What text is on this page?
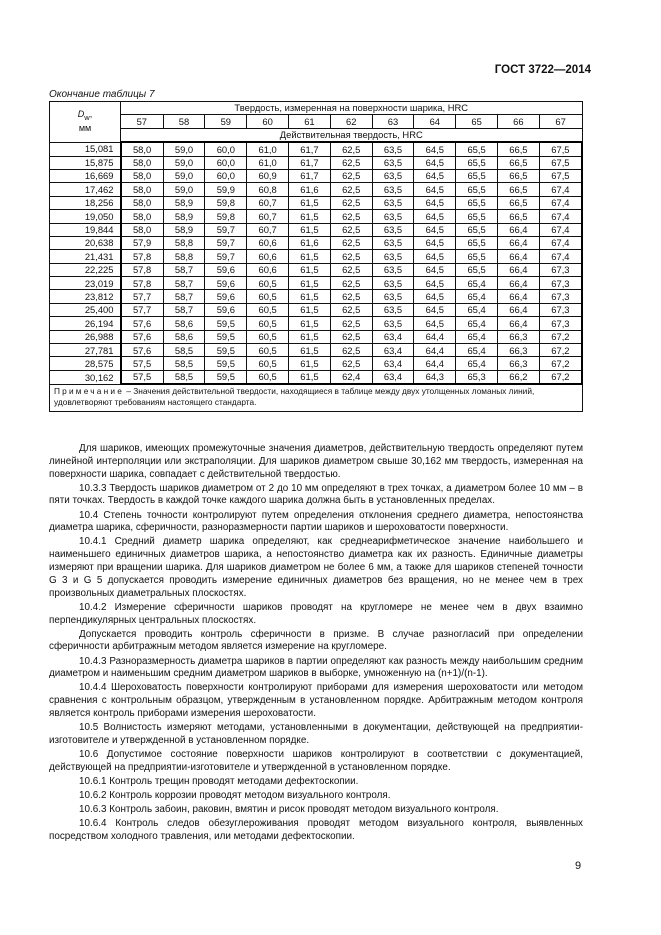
ГОСТ 3722—2014
Окончание таблицы 7
$D_w$,
мм	Твердость, измеренная на поверхности шарика, HRC										
	57	58	59	60	61	62	63	64	65	66	67
	Действительная твердость, HRC										
15,081	58,0	59,0	60,0	61,0	61,7	62,5	63,5	64,5	65,5	66,5	67,5
15,875	58,0	59,0	60,0	61,0	61,7	62,5	63,5	64,5	65,5	66,5	67,5
16,669	58,0	59,0	60,0	60,9	61,7	62,5	63,5	64,5	65,5	66,5	67,5
17,462	58,0	59,0	59,9	60,8	61,6	62,5	63,5	64,5	65,5	66,5	67,4
18,256	58,0	58,9	59,8	60,7	61,5	62,5	63,5	64,5	65,5	66,5	67,4
19,050	58,0	58,9	59,8	60,7	61,5	62,5	63,5	64,5	65,5	66,5	67,4
19,844	58,0	58,9	59,7	60,7	61,5	62,5	63,5	64,5	65,5	66,4	67,4
20,638	57,9	58,8	59,7	60,6	61,6	62,5	63,5	64,5	65,5	66,4	67,4
21,431	57,8	58,8	59,7	60,6	61,5	62,5	63,5	64,5	65,5	66,4	67,4
22,225	57,8	58,7	59,6	60,6	61,5	62,5	63,5	64,5	65,5	66,4	67,3
23,019	57,8	58,7	59,6	60,5	61,5	62,5	63,5	64,5	65,4	66,4	67,3
23,812	57,7	58,7	59,6	60,5	61,5	62,5	63,5	64,5	65,4	66,4	67,3
25,400	57,7	58,7	59,6	60,5	61,5	62,5	63,5	64,5	65,4	66,4	67,3
26,194	57,6	58,6	59,5	60,5	61,5	62,5	63,5	64,5	65,4	66,4	67,3
26,988	57,6	58,6	59,5	60,5	61,5	62,5	63,4	64,4	65,4	66,3	67,2
27,781	57,6	58,5	59,5	60,5	61,5	62,5	63,4	64,4	65,4	66,3	67,2
28,575	57,5	58,5	59,5	60,5	61,5	62,5	63,4	64,4	65,4	66,3	67,2
30,162	57,5	58,5	59,5	60,5	61,5	62,4	63,4	64,3	65,3	66,2	67,2
Примечание – Значения действительной твердости, находящиеся в таблице между двух утолщенных ломаных линий, удовлетворяют требованиям настоящего стандарта.											

Для шариков, имеющих промежуточные значения диаметров, действительную твердость определяют путем линейной интерполяции или экстраполяции. Для шариков диаметром свыше 30,162 мм твердость, измеренная на поверхности шарика, совпадает с действительной твердостью.

10.3.3 Твердость шариков диаметром от 2 до 10 мм определяют в трех точках, а диаметром более 10 мм – в пяти точках. Твердость в каждой точке каждого шарика должна быть в установленных пределах.

10.4 Степень точности контролируют путем определения отклонения среднего диаметра, непостоянства диаметра шарика, сферичности, разноразмерности партии шариков и шероховатости поверхности.

10.4.1 Средний диаметр шарика определяют, как среднеарифметическое значение наибольшего и наименьшего единичных диаметров шарика, а непостоянство диаметра как их разность. Единичные диаметры измеряют при вращении шарика. Для шариков диаметром не более 6 мм, а также для шариков степеней точности G 3 и G 5 допускается проводить измерение единичных диаметров без вращения, но не менее чем в трех произвольных диаметральных плоскостях.

10.4.2 Измерение сферичности шариков проводят на кругломере не менее чем в двух взаимно перпендикулярных центральных плоскостях.

Допускается проводить контроль сферичности в призме. В случае разногласий при определении сферичности арбитражным методом является измерение на кругломере.

10.4.3 Разноразмерность диаметра шариков в партии определяют как разность между наибольшим средним диаметром и наименьшим средним диаметром шариков в выборке, умноженную на (n+1)/(n-1).

10.4.4 Шероховатость поверхности контролируют приборами для измерения шероховатости или методом сравнения с контрольным образцом, утвержденным в установленном порядке. Арбитражным методом контроля является контроль приборами измерения шероховатости.

10.5 Волнистость измеряют методами, установленными в документации, действующей на предприятии-изготовителе и утвержденной в установленном порядке.

10.6 Допустимое состояние поверхности шариков контролируют в соответствии с документацией, действующей на предприятии-изготовителе и утвержденной в установленном порядке.

10.6.1 Контроль трещин проводят методами дефектоскопии.

10.6.2 Контроль коррозии проводят методом визуального контроля.

10.6.3 Контроль забоин, раковин, вмятин и рисок проводят методом визуального контроля.

10.6.4 Контроль следов обезуглероживания проводят методом визуального контроля, выявленных посредством холодного травления, или методами дефектоскопии.

9
